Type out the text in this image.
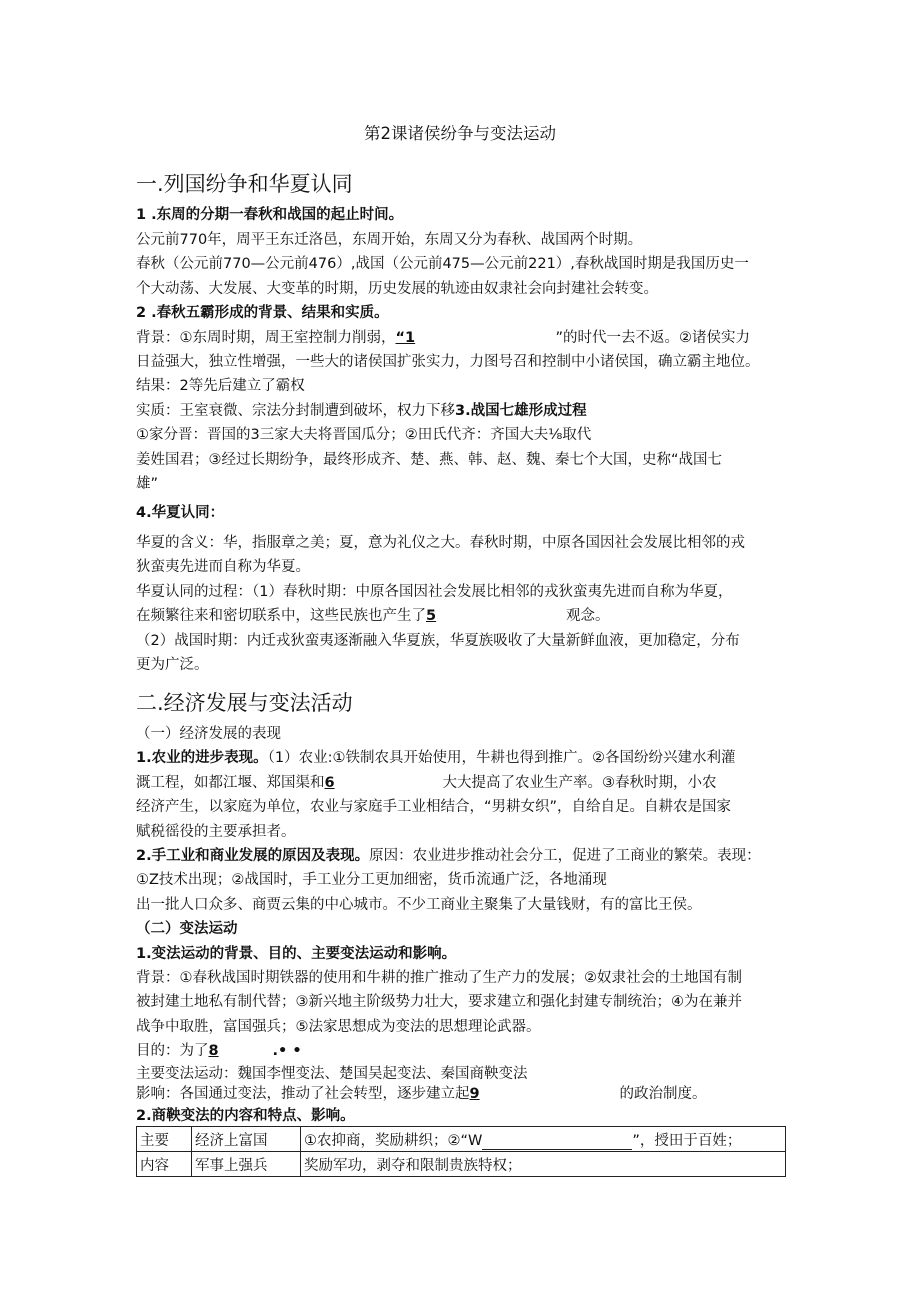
第2课诸侯纷争与变法运动
一.列国纷争和华夏认同
1 .东周的分期一春秋和战国的起止时间。
公元前770年，周平王东迁洛邑，东周开始，东周又分为春秋、战国两个时期。
春秋（公元前770—公元前476）,战国（公元前475—公元前221）,春秋战国时期是我国历史一
个大动荡、大发展、大变革的时期，历史发展的轨迹由奴隶社会向封建社会转变。
2 .春秋五霸形成的背景、结果和实质。
背景：①东周时期，周王室控制力削弱，“1	”的时代一去不返。②诸侯实力
日益强大，独立性增强，一些大的诸侯国扩张实力，力图号召和控制中小诸侯国，确立霸主地位。
结果：2等先后建立了霸权
实质：王室衰微、宗法分封制遭到破坏，权力下移3.战国七雄形成过程
①家分晋：晋国的3三家大夫将晋国瓜分；②田氏代齐：齐国大夫⅛取代
姜姓国君；③经过长期纷争，最终形成齐、楚、燕、韩、赵、魏、秦七个大国，史称“战国七
雄”
4.华夏认同：
华夏的含义：华，指服章之美；夏，意为礼仪之大。春秋时期，中原各国因社会发展比相邻的戎
狄蛮夷先进而自称为华夏。
华夏认同的过程：（1）春秋时期：中原各国因社会发展比相邻的戎狄蛮夷先进而自称为华夏，
在频繁往来和密切联系中，这些民族也产生了5	观念。
（2）战国时期：内迁戎狄蛮夷逐渐融入华夏族，华夏族吸收了大量新鲜血液，更加稳定，分布
更为广泛。
二.经济发展与变法活动
（一）经济发展的表现
1.农业的进步表现。（1）农业:①铁制农具开始使用，牛耕也得到推广。②各国纷纷兴建水利灌
溉工程，如都江堰、郑国渠和6	大大提高了农业生产率。③春秋时期，小农
经济产生，以家庭为单位，农业与家庭手工业相结合，“男耕女织”，自给自足。自耕农是国家
赋税徭役的主要承担者。
2.手工业和商业发展的原因及表现。原因：农业进步推动社会分工，促进了工商业的繁荣。表现：
①Z技术出现；②战国时，手工业分工更加细密，货币流通广泛，各地涌现
出一批人口众多、商贾云集的中心城市。不少工商业主聚集了大量钱财，有的富比王侯。
（二）变法运动
1.变法运动的背景、目的、主要变法运动和影响。
背景：①春秋战国时期铁器的使用和牛耕的推广推动了生产力的发展；②奴隶社会的土地国有制
被封建土地私有制代替；③新兴地主阶级势力壮大，要求建立和强化封建专制统治；④为在兼并
战争中取胜，富国强兵；⑤法家思想成为变法的思想理论武器。
目的：为了8	.• •
主要变法运动：魏国李悝变法、楚国吴起变法、秦国商鞅变法
影响：各国通过变法，推动了社会转型，逐步建立起9	的政治制度。
2.商鞅变法的内容和特点、影响。
主要	经济上富国	①农抑商，奖励耕织；②“W ”，授田于百姓；
内容	军事上强兵	奖励军功，剥夺和限制贵族特权；
